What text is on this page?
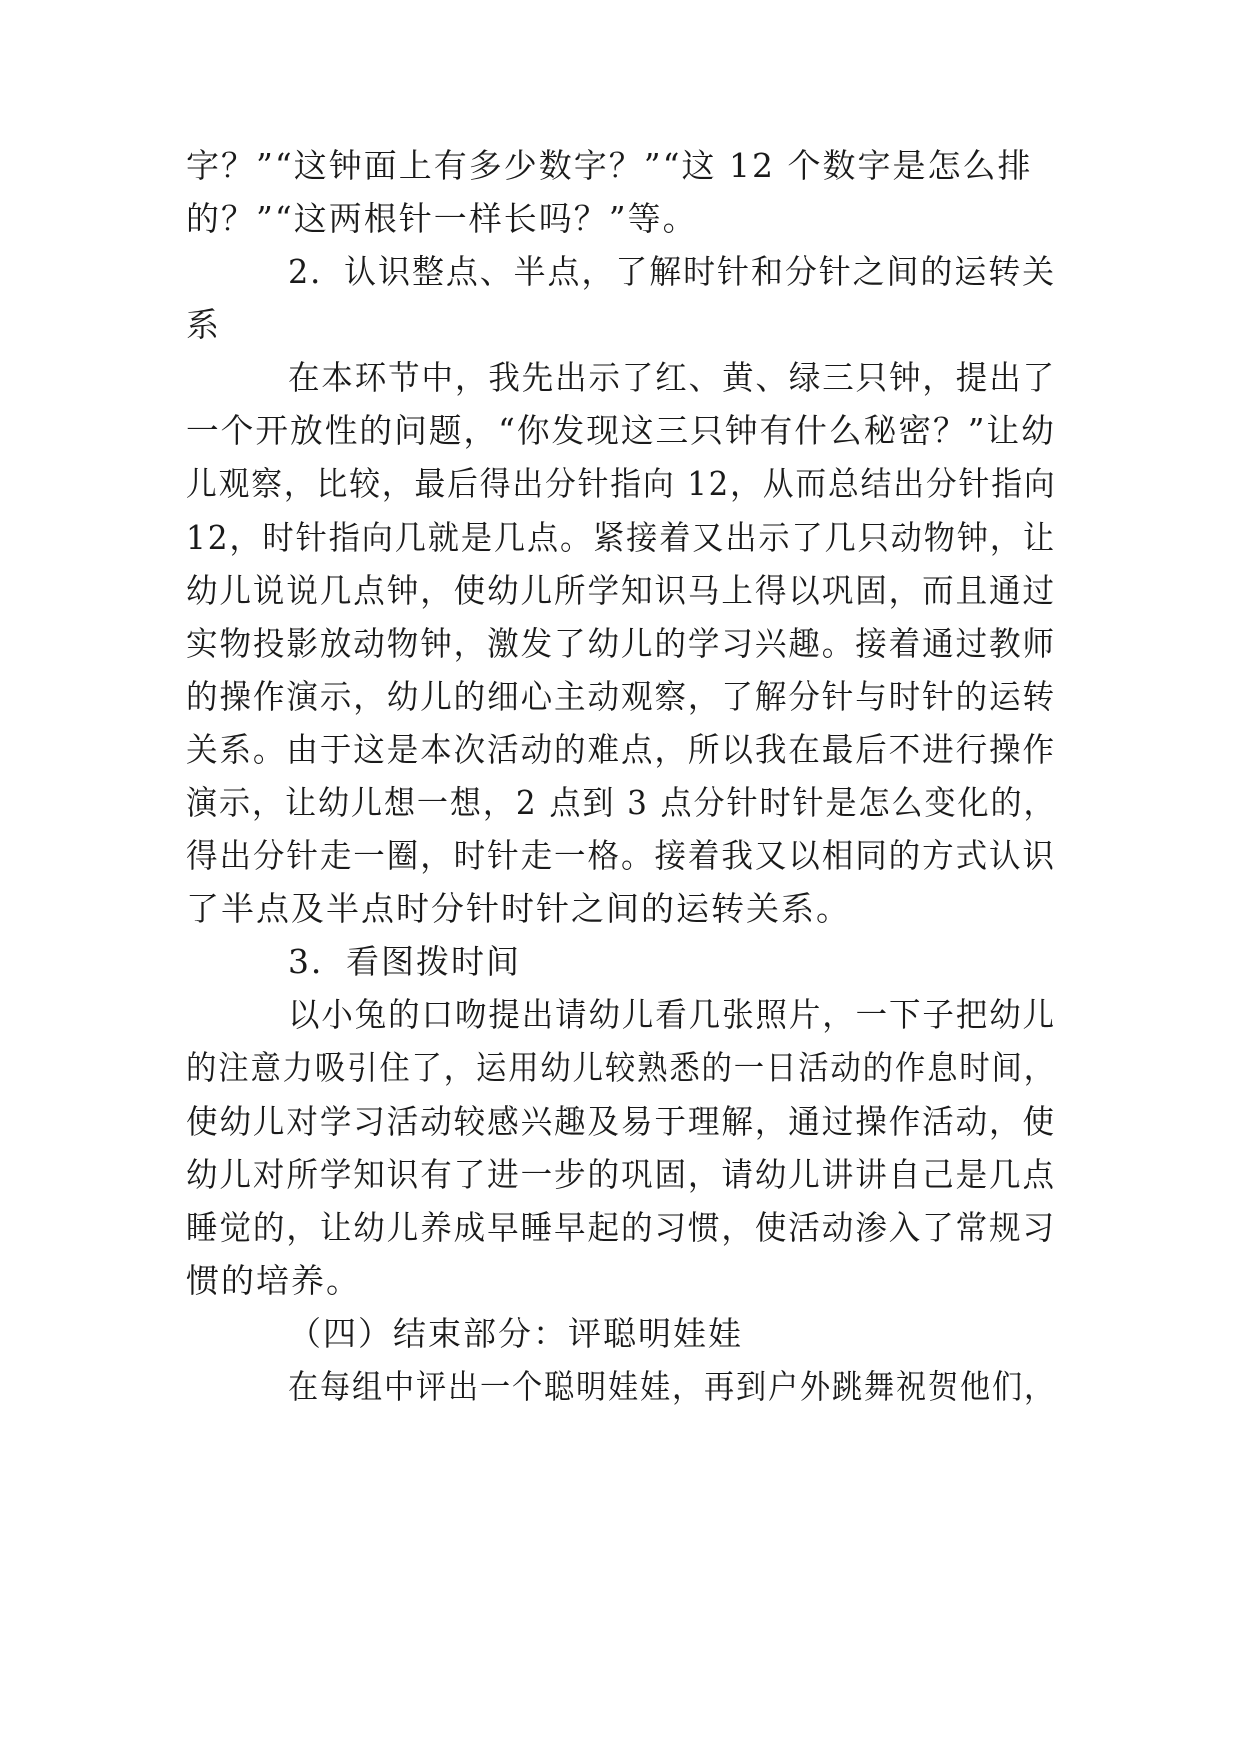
字？”“这钟面上有多少数字？”“这 12 个数字是怎么排
的？”“这两根针一样长吗？”等。
2．认识整点、半点，了解时针和分针之间的运转关
系
在本环节中，我先出示了红、黄、绿三只钟，提出了
一个开放性的问题，“你发现这三只钟有什么秘密？”让幼
儿观察，比较，最后得出分针指向 12，从而总结出分针指向
12，时针指向几就是几点。紧接着又出示了几只动物钟，让
幼儿说说几点钟，使幼儿所学知识马上得以巩固，而且通过
实物投影放动物钟，激发了幼儿的学习兴趣。接着通过教师
的操作演示，幼儿的细心主动观察，了解分针与时针的运转
关系。由于这是本次活动的难点，所以我在最后不进行操作
演示，让幼儿想一想，2 点到 3 点分针时针是怎么变化的，
得出分针走一圈，时针走一格。接着我又以相同的方式认识
了半点及半点时分针时针之间的运转关系。
3．看图拨时间
以小兔的口吻提出请幼儿看几张照片，一下子把幼儿
的注意力吸引住了，运用幼儿较熟悉的一日活动的作息时间，
使幼儿对学习活动较感兴趣及易于理解，通过操作活动，使
幼儿对所学知识有了进一步的巩固，请幼儿讲讲自己是几点
睡觉的，让幼儿养成早睡早起的习惯，使活动渗入了常规习
惯的培养。
（四）结束部分：评聪明娃娃
在每组中评出一个聪明娃娃，再到户外跳舞祝贺他们，
